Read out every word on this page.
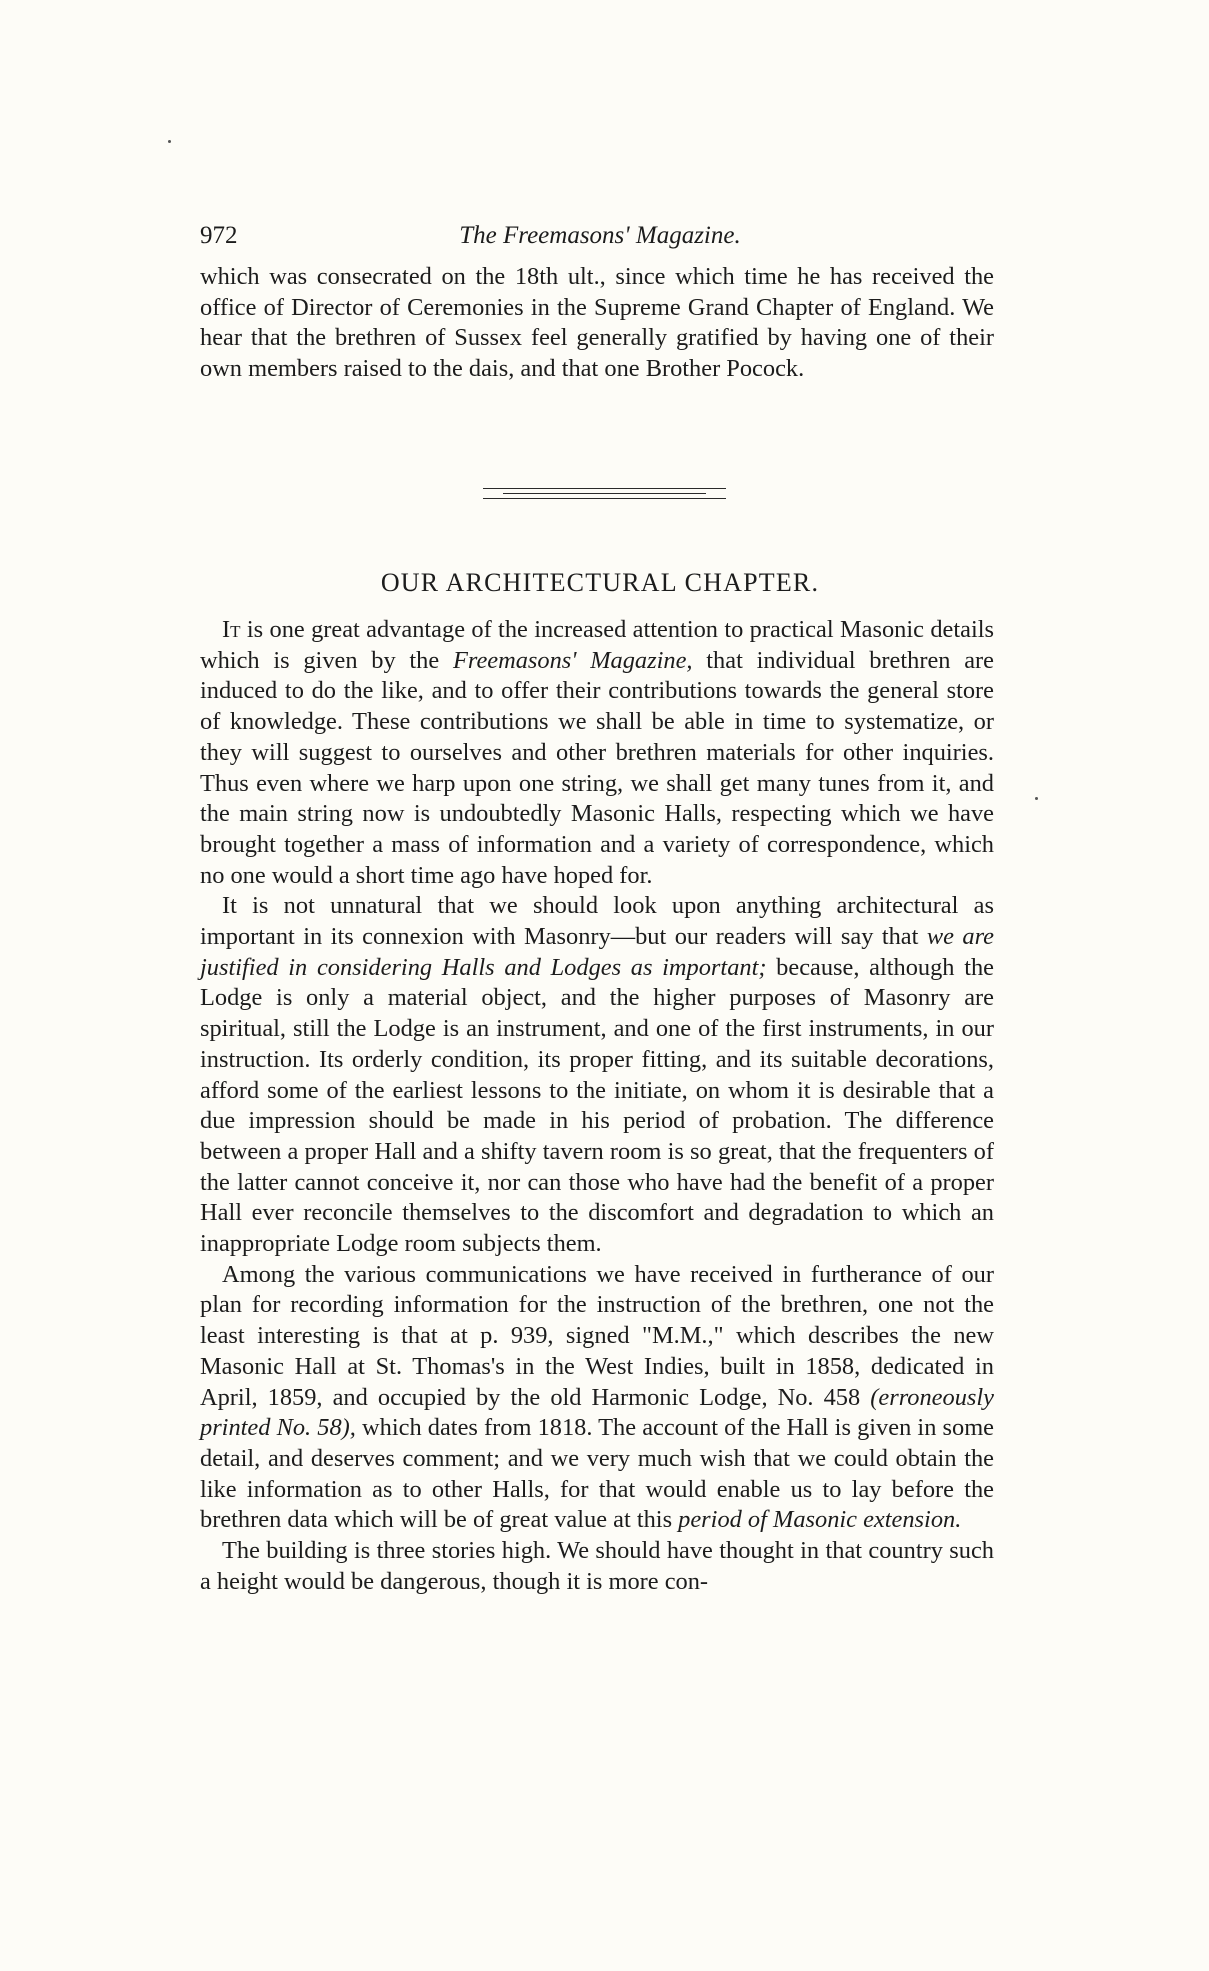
972	The Freemasons' Magazine.

which was consecrated on the 18th ult., since which time he has received the office of Director of Ceremonies in the Supreme Grand Chapter of England. We hear that the brethren of Sussex feel generally gratified by having one of their own members raised to the dais, and that one Brother Pocock.

OUR ARCHITECTURAL CHAPTER.

It is one great advantage of the increased attention to practical Masonic details which is given by the Freemasons' Magazine, that individual brethren are induced to do the like, and to offer their contributions towards the general store of knowledge. These contributions we shall be able in time to systematize, or they will suggest to ourselves and other brethren materials for other inquiries. Thus even where we harp upon one string, we shall get many tunes from it, and the main string now is undoubtedly Masonic Halls, respecting which we have brought together a mass of information and a variety of correspondence, which no one would a short time ago have hoped for.

It is not unnatural that we should look upon anything architectural as important in its connexion with Masonry—but our readers will say that we are justified in considering Halls and Lodges as important; because, although the Lodge is only a material object, and the higher purposes of Masonry are spiritual, still the Lodge is an instrument, and one of the first instruments, in our instruction. Its orderly condition, its proper fitting, and its suitable decorations, afford some of the earliest lessons to the initiate, on whom it is desirable that a due impression should be made in his period of probation. The difference between a proper Hall and a shifty tavern room is so great, that the frequenters of the latter cannot conceive it, nor can those who have had the benefit of a proper Hall ever reconcile themselves to the discomfort and degradation to which an inappropriate Lodge room subjects them.

Among the various communications we have received in furtherance of our plan for recording information for the instruction of the brethren, one not the least interesting is that at p. 939, signed "M.M.," which describes the new Masonic Hall at St. Thomas's in the West Indies, built in 1858, dedicated in April, 1859, and occupied by the old Harmonic Lodge, No. 458 (erroneously printed No. 58), which dates from 1818. The account of the Hall is given in some detail, and deserves comment; and we very much wish that we could obtain the like information as to other Halls, for that would enable us to lay before the brethren data which will be of great value at this period of Masonic extension.

The building is three stories high. We should have thought in that country such a height would be dangerous, though it is more con-
